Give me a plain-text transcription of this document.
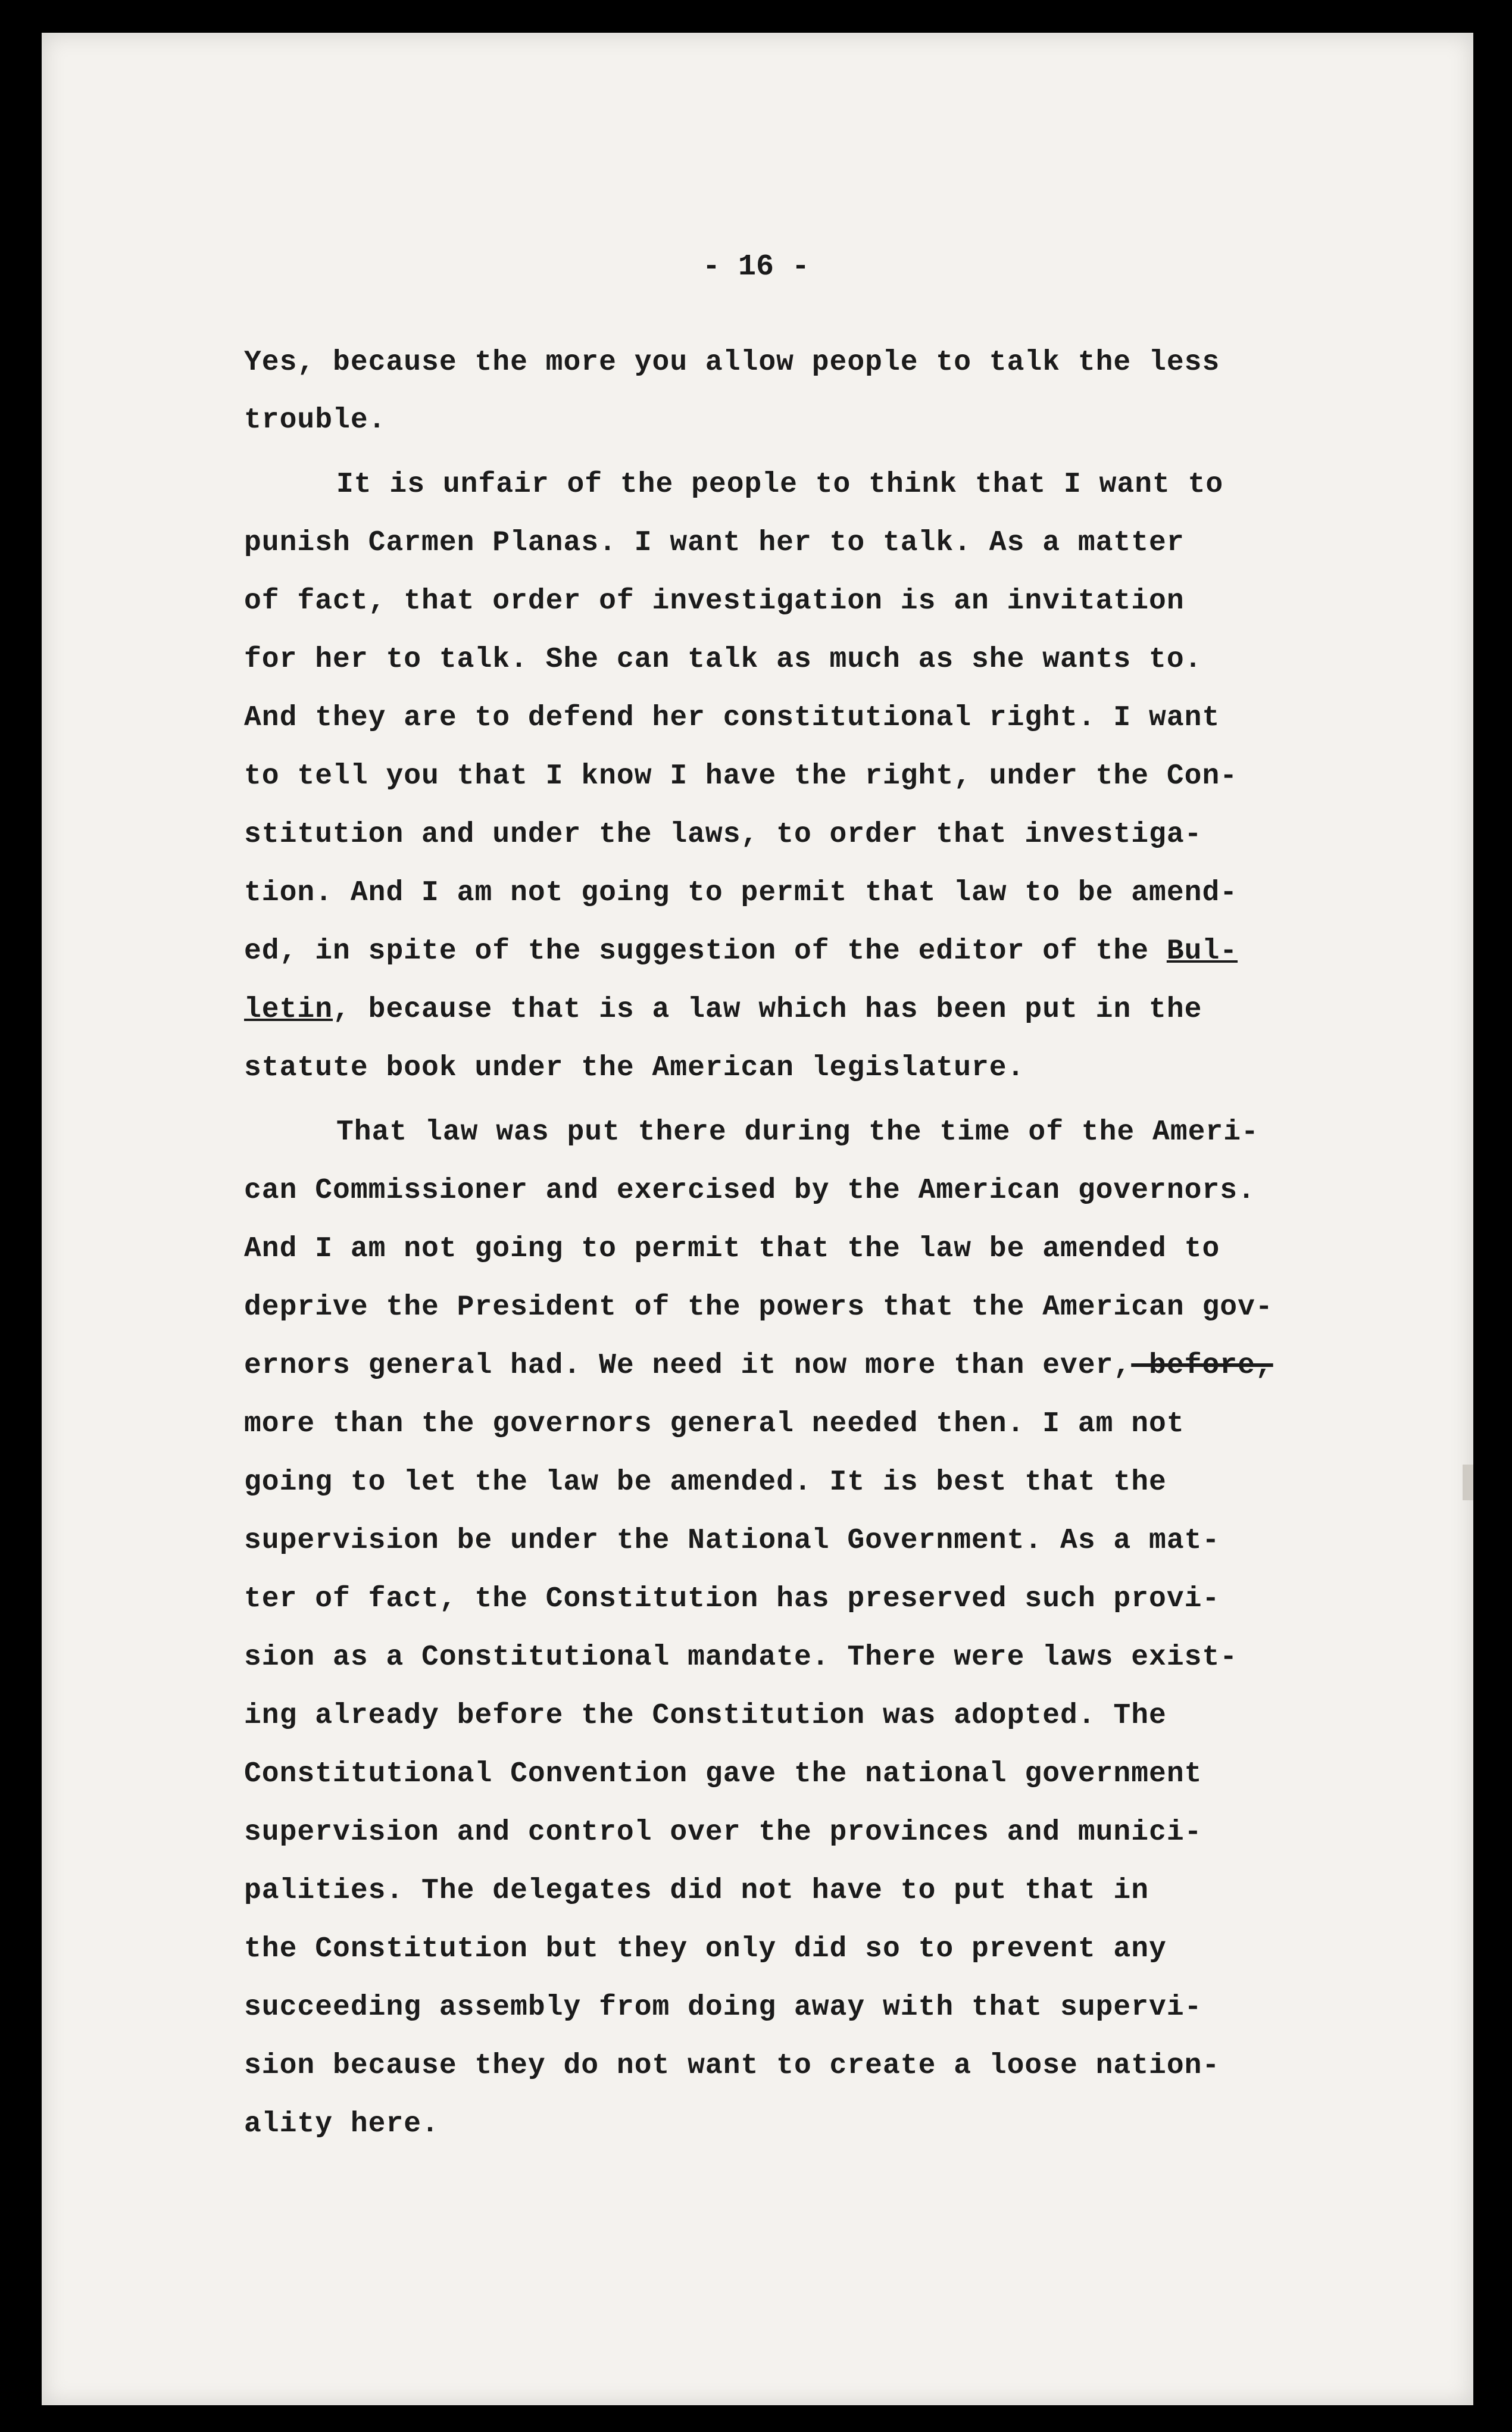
- 16 -
Yes, because the more you allow people to talk the less
trouble.
It is unfair of the people to think that I want to
punish Carmen Planas. I want her to talk. As a matter
of fact, that order of investigation is an invitation
for her to talk. She can talk as much as she wants to.
And they are to defend her constitutional right. I want
to tell you that I know I have the right, under the Con-
stitution and under the laws, to order that investiga-
tion. And I am not going to permit that law to be amend-
ed, in spite of the suggestion of the editor of the Bul-
letin, because that is a law which has been put in the
statute book under the American legislature.
That law was put there during the time of the Ameri-
can Commissioner and exercised by the American governors.
And I am not going to permit that the law be amended to
deprive the President of the powers that the American gov-
ernors general had. We need it now more than ever, before,
more than the governors general needed then. I am not
going to let the law be amended. It is best that the
supervision be under the National Government. As a mat-
ter of fact, the Constitution has preserved such provi-
sion as a Constitutional mandate. There were laws exist-
ing already before the Constitution was adopted. The
Constitutional Convention gave the national government
supervision and control over the provinces and munici-
palities. The delegates did not have to put that in
the Constitution but they only did so to prevent any
succeeding assembly from doing away with that supervi-
sion because they do not want to create a loose nation-
ality here.
